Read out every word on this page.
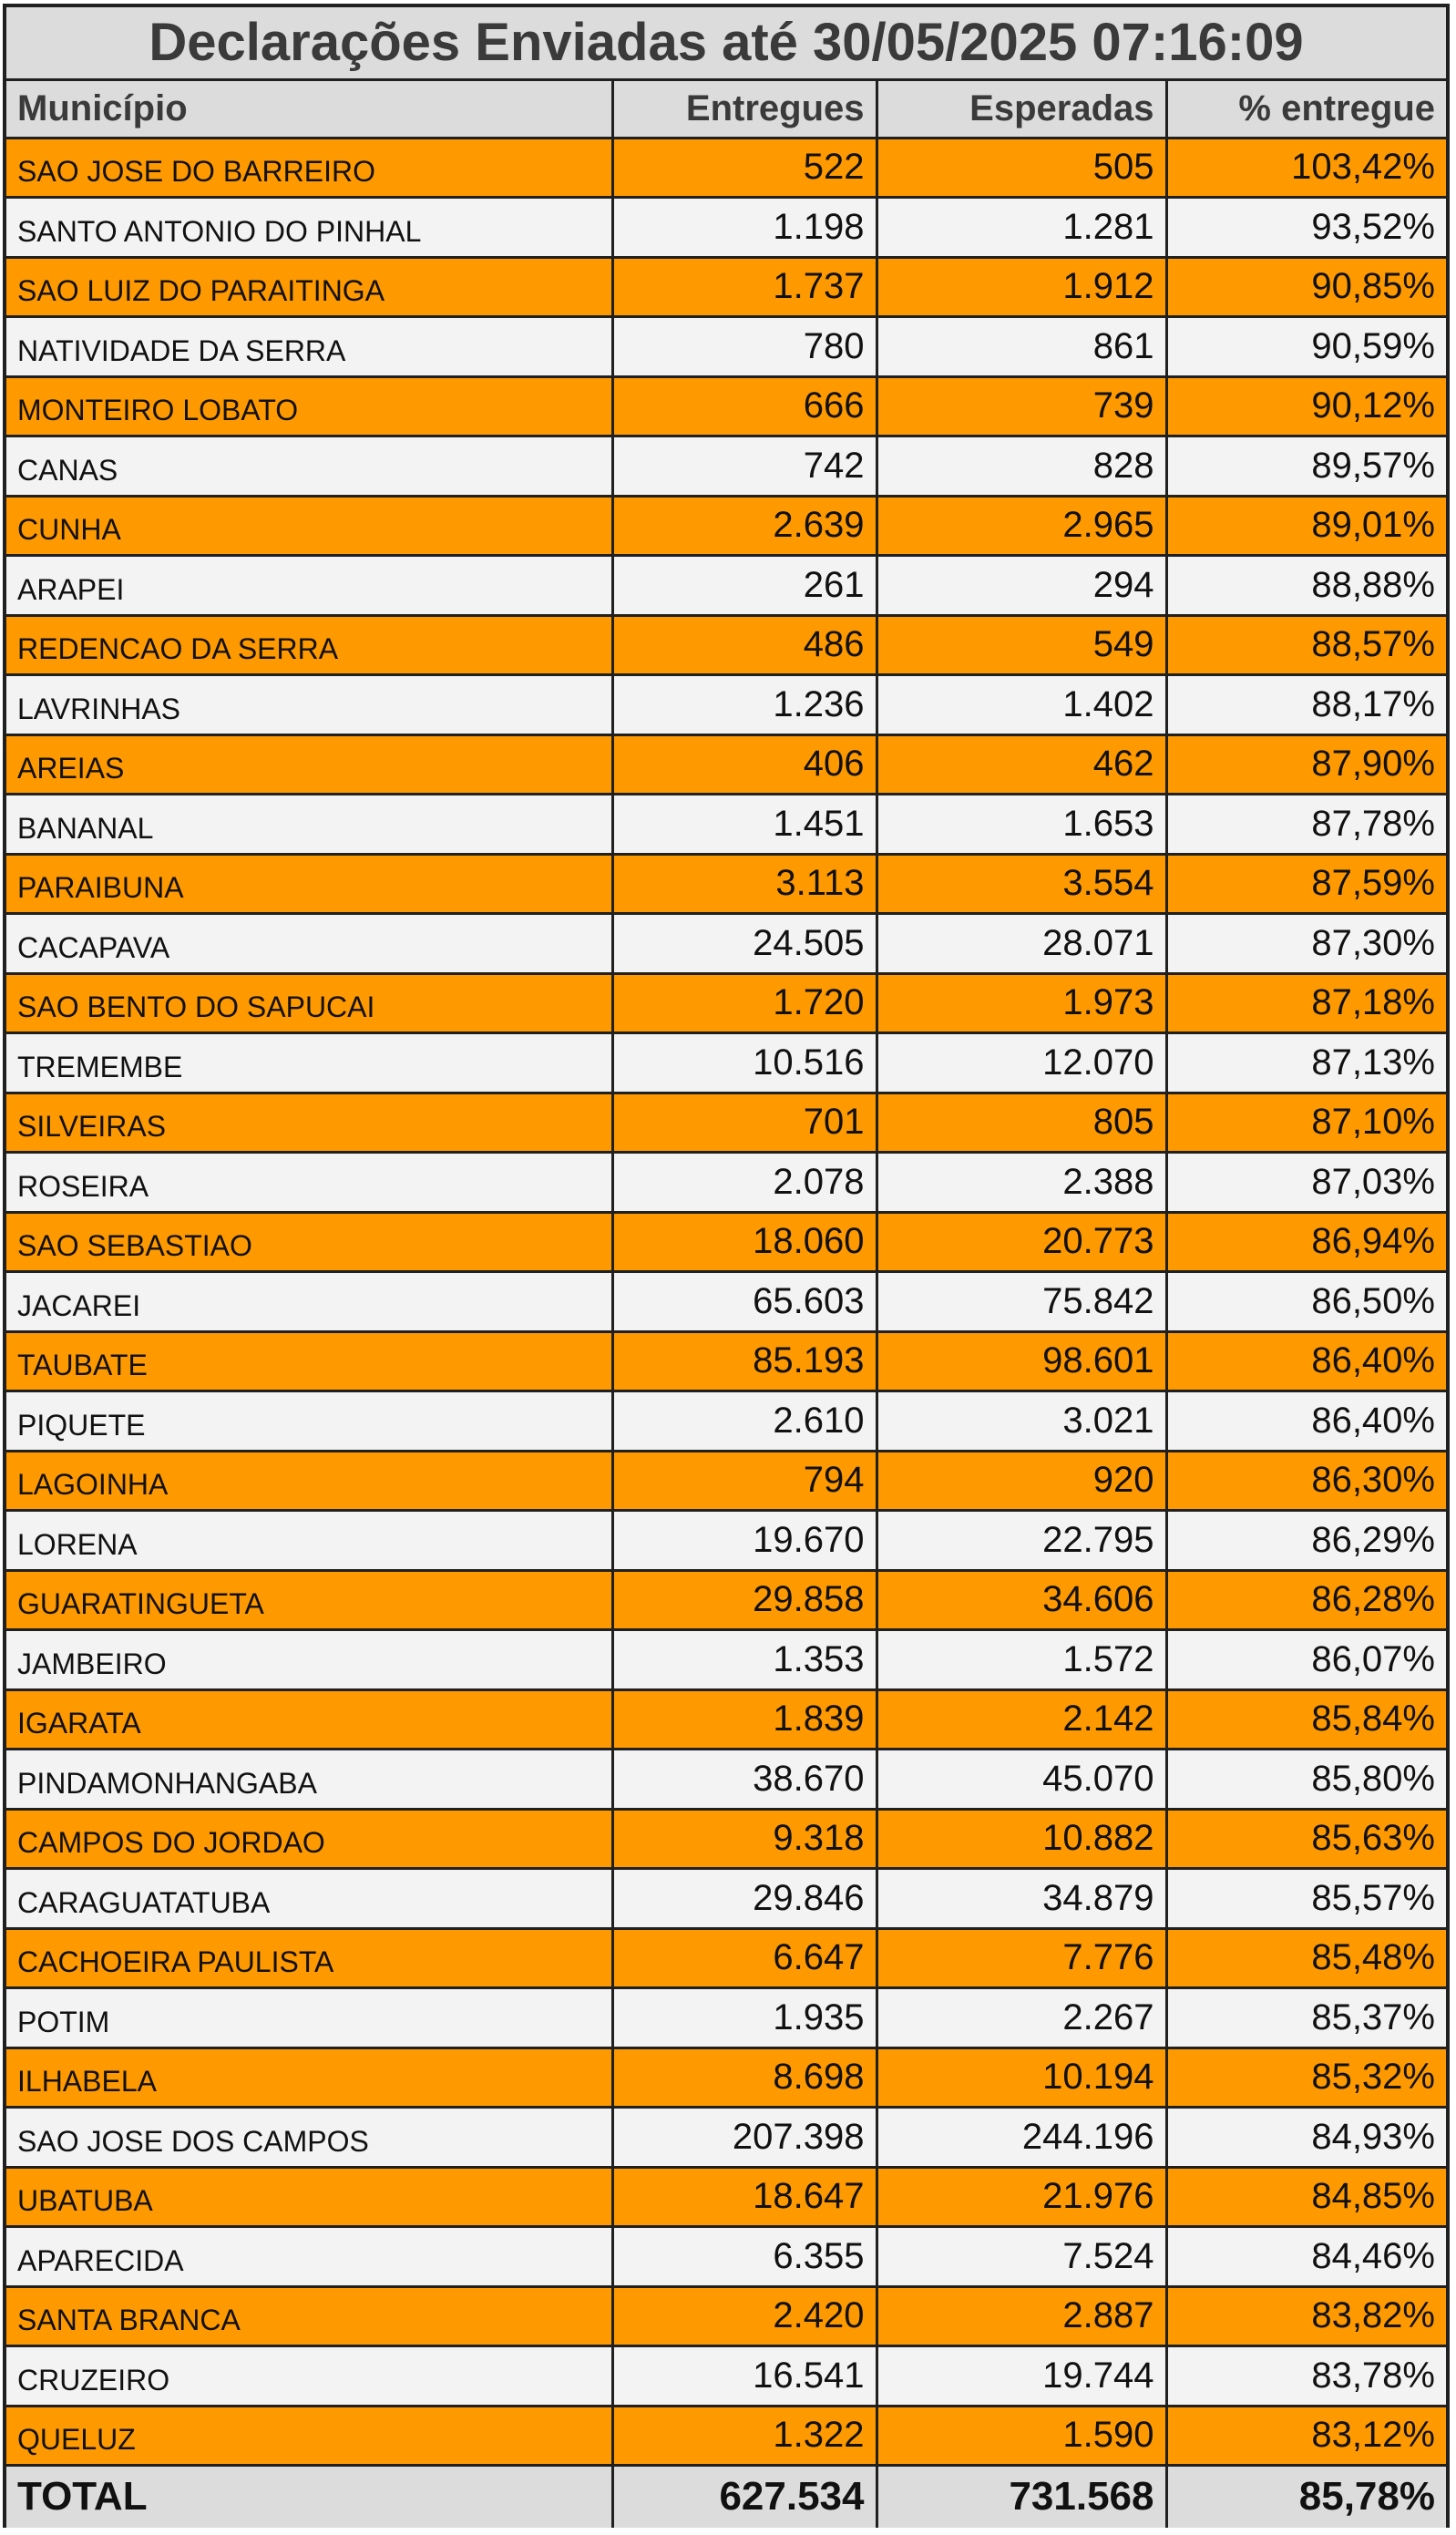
Declarações Enviadas até 30/05/2025 07:16:09
Município	Entregues	Esperadas	% entregue
SAO JOSE DO BARREIRO	522	505	103,42%
SANTO ANTONIO DO PINHAL	1.198	1.281	93,52%
SAO LUIZ DO PARAITINGA	1.737	1.912	90,85%
NATIVIDADE DA SERRA	780	861	90,59%
MONTEIRO LOBATO	666	739	90,12%
CANAS	742	828	89,57%
CUNHA	2.639	2.965	89,01%
ARAPEI	261	294	88,88%
REDENCAO DA SERRA	486	549	88,57%
LAVRINHAS	1.236	1.402	88,17%
AREIAS	406	462	87,90%
BANANAL	1.451	1.653	87,78%
PARAIBUNA	3.113	3.554	87,59%
CACAPAVA	24.505	28.071	87,30%
SAO BENTO DO SAPUCAI	1.720	1.973	87,18%
TREMEMBE	10.516	12.070	87,13%
SILVEIRAS	701	805	87,10%
ROSEIRA	2.078	2.388	87,03%
SAO SEBASTIAO	18.060	20.773	86,94%
JACAREI	65.603	75.842	86,50%
TAUBATE	85.193	98.601	86,40%
PIQUETE	2.610	3.021	86,40%
LAGOINHA	794	920	86,30%
LORENA	19.670	22.795	86,29%
GUARATINGUETA	29.858	34.606	86,28%
JAMBEIRO	1.353	1.572	86,07%
IGARATA	1.839	2.142	85,84%
PINDAMONHANGABA	38.670	45.070	85,80%
CAMPOS DO JORDAO	9.318	10.882	85,63%
CARAGUATATUBA	29.846	34.879	85,57%
CACHOEIRA PAULISTA	6.647	7.776	85,48%
POTIM	1.935	2.267	85,37%
ILHABELA	8.698	10.194	85,32%
SAO JOSE DOS CAMPOS	207.398	244.196	84,93%
UBATUBA	18.647	21.976	84,85%
APARECIDA	6.355	7.524	84,46%
SANTA BRANCA	2.420	2.887	83,82%
CRUZEIRO	16.541	19.744	83,78%
QUELUZ	1.322	1.590	83,12%
TOTAL	627.534	731.568	85,78%
